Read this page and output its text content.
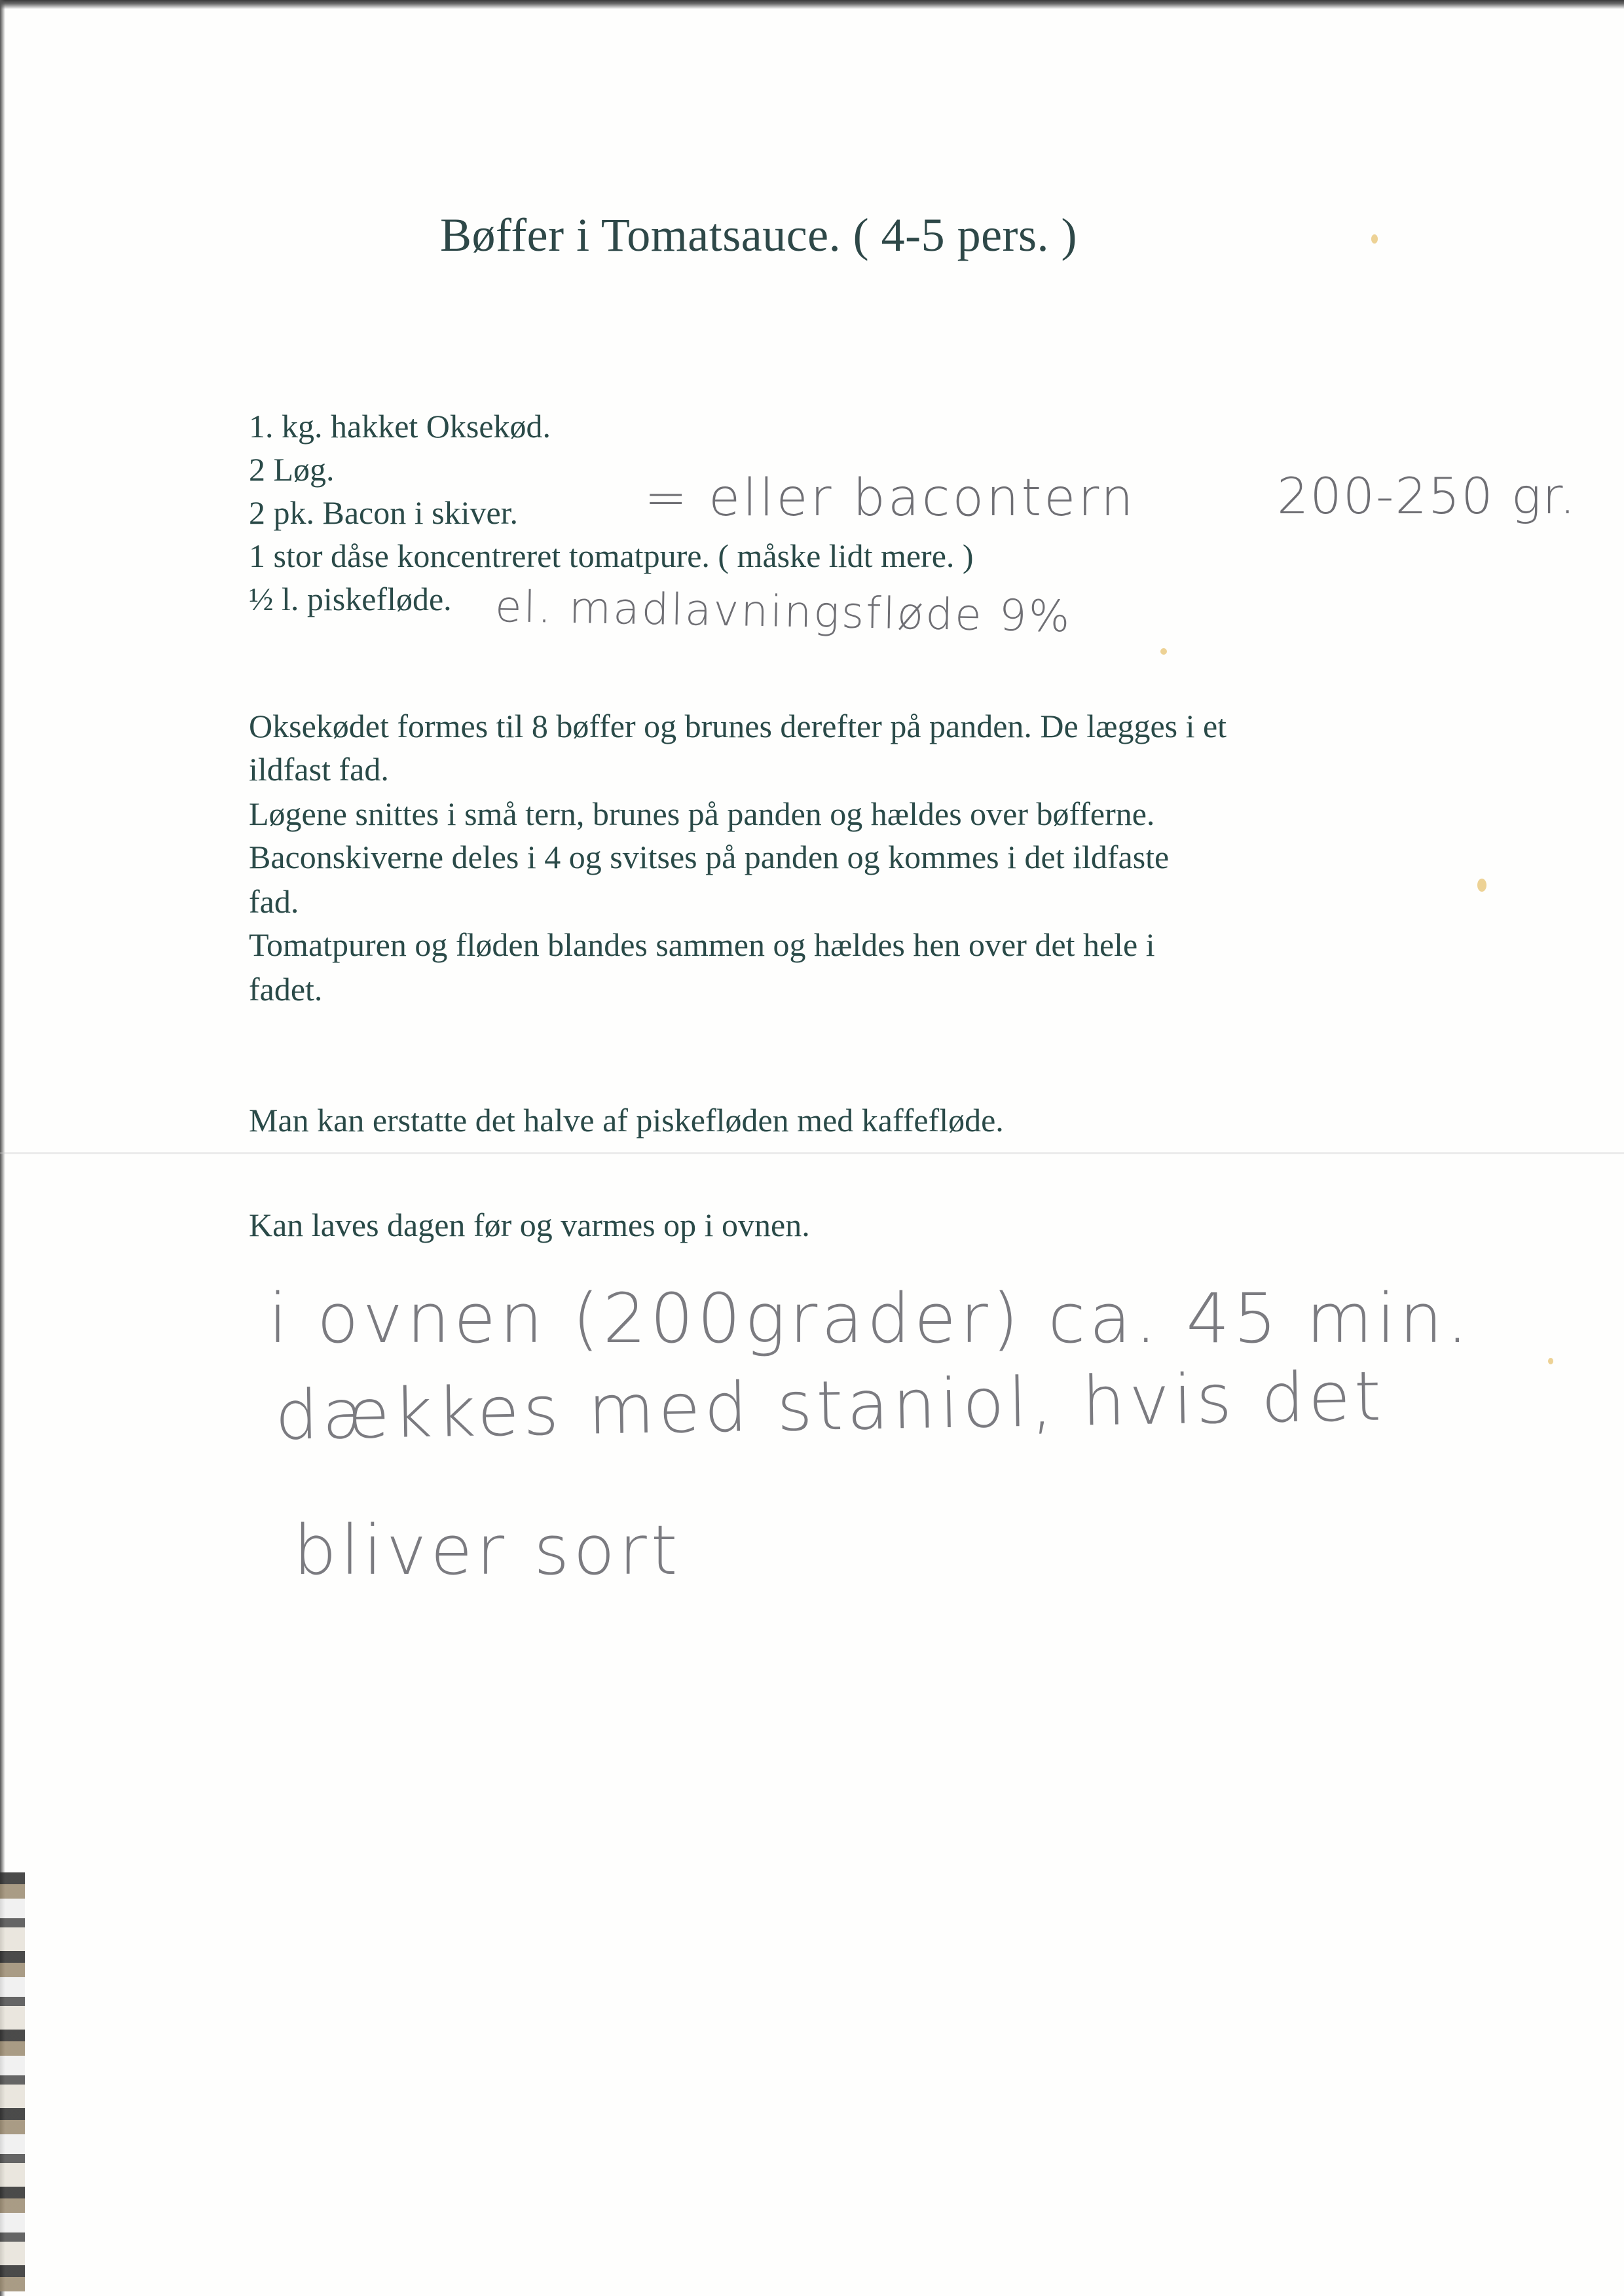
Bøffer i Tomatsauce. ( 4-5 pers. )
1. kg. hakket Oksekød.
2 Løg.
2 pk. Bacon i skiver.
1 stor dåse koncentreret tomatpure. ( måske lidt mere. )
½ l. piskefløde.
= eller bacontern	200-250 gr.
el. madlavningsfløde 9%
Oksekødet formes til 8 bøffer og brunes derefter på panden. De lægges i et
ildfast fad.
Løgene snittes i små tern, brunes på panden og hældes over bøfferne.
Baconskiverne deles i 4 og svitses på panden og kommes i det ildfaste
fad.
Tomatpuren og fløden blandes sammen og hældes hen over det hele i
fadet.
Man kan erstatte det halve af piskefløden med kaffefløde.
Kan laves dagen før og varmes op i ovnen.
i ovnen (200grader) ca. 45 min.
dækkes med staniol, hvis det
bliver sort
